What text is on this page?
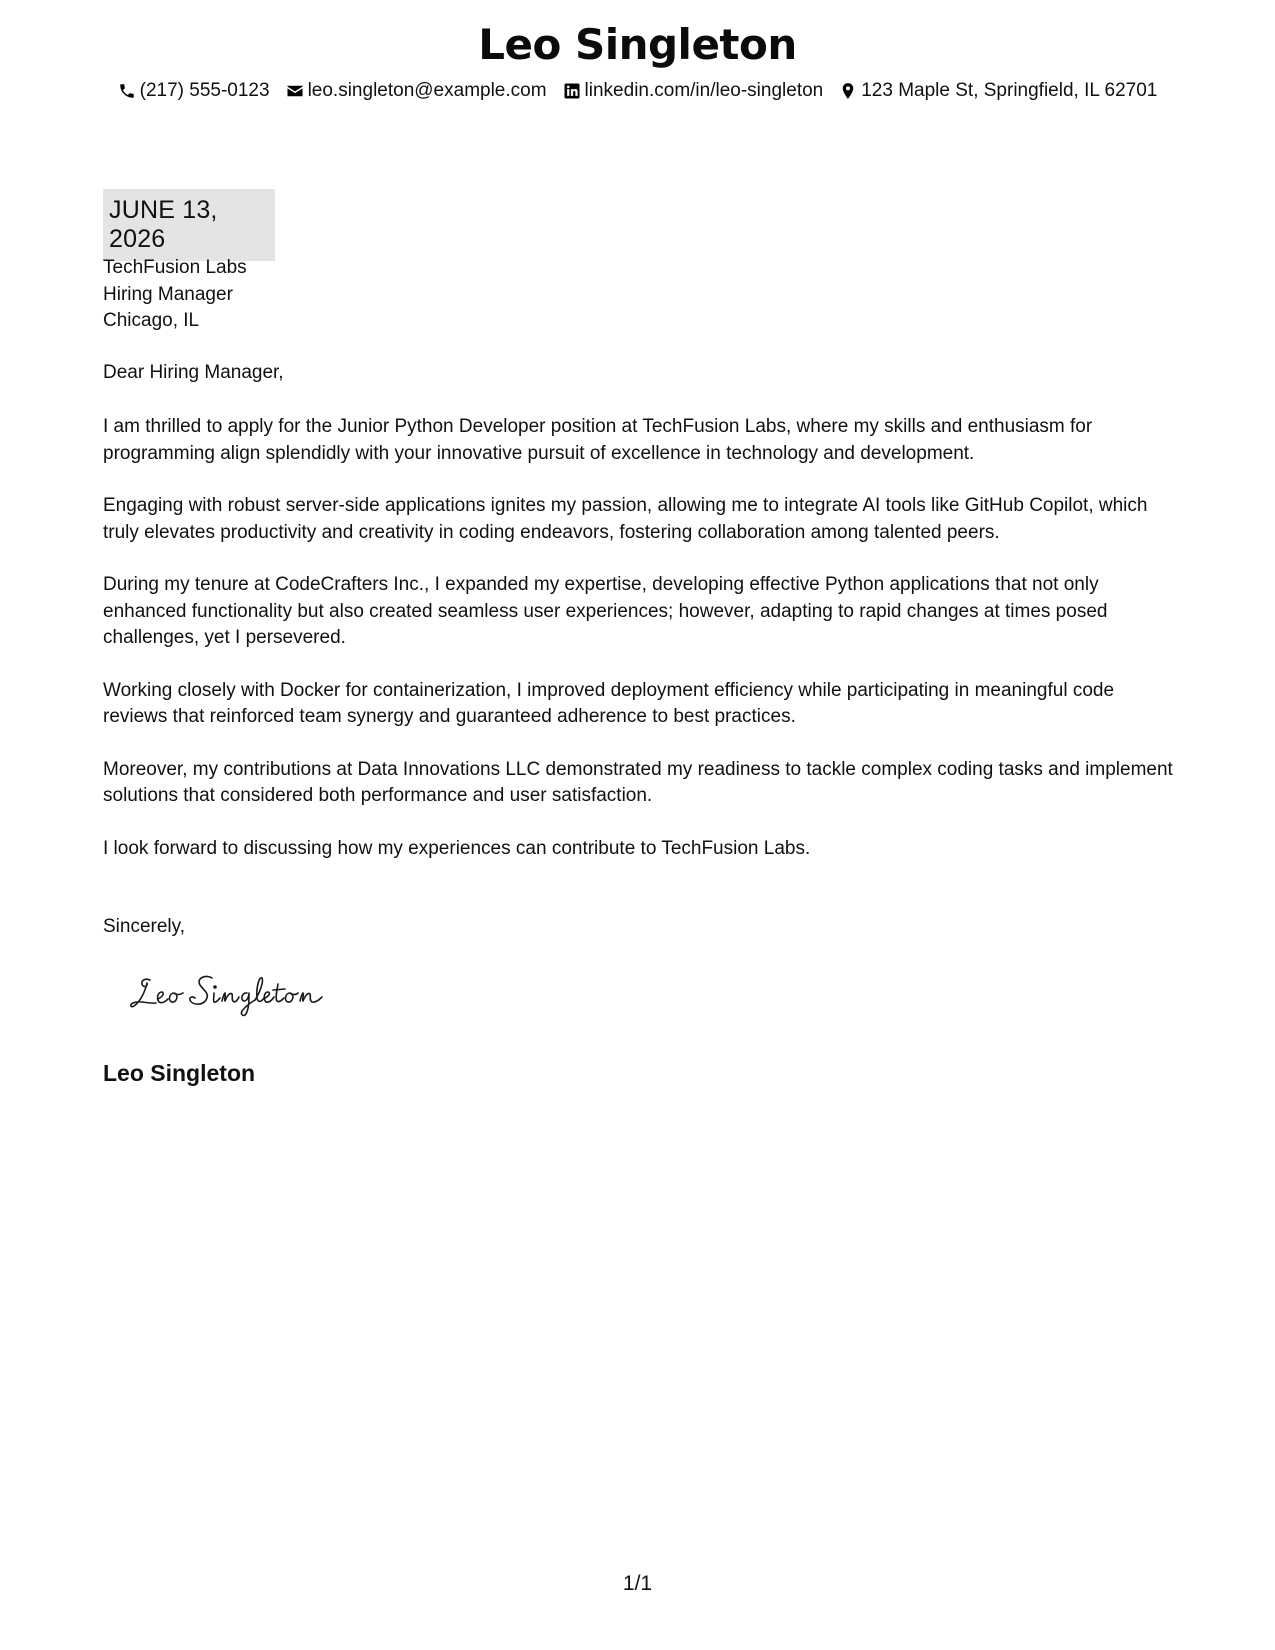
Leo Singleton
(217) 555-0123 leo.singleton@example.com linkedin.com/in/leo-singleton 123 Maple St, Springfield, IL 62701
JUNE 13, 2026
TechFusion Labs
Hiring Manager
Chicago, IL
Dear Hiring Manager,

I am thrilled to apply for the Junior Python Developer position at TechFusion Labs, where my skills and enthusiasm for programming align splendidly with your innovative pursuit of excellence in technology and development.

Engaging with robust server-side applications ignites my passion, allowing me to integrate AI tools like GitHub Copilot, which truly elevates productivity and creativity in coding endeavors, fostering collaboration among talented peers.

During my tenure at CodeCrafters Inc., I expanded my expertise, developing effective Python applications that not only enhanced functionality but also created seamless user experiences; however, adapting to rapid changes at times posed challenges, yet I persevered.

Working closely with Docker for containerization, I improved deployment efficiency while participating in meaningful code reviews that reinforced team synergy and guaranteed adherence to best practices.

Moreover, my contributions at Data Innovations LLC demonstrated my readiness to tackle complex coding tasks and implement solutions that considered both performance and user satisfaction.

I look forward to discussing how my experiences can contribute to TechFusion Labs.

Sincerely,
Leo Singleton
1/1
